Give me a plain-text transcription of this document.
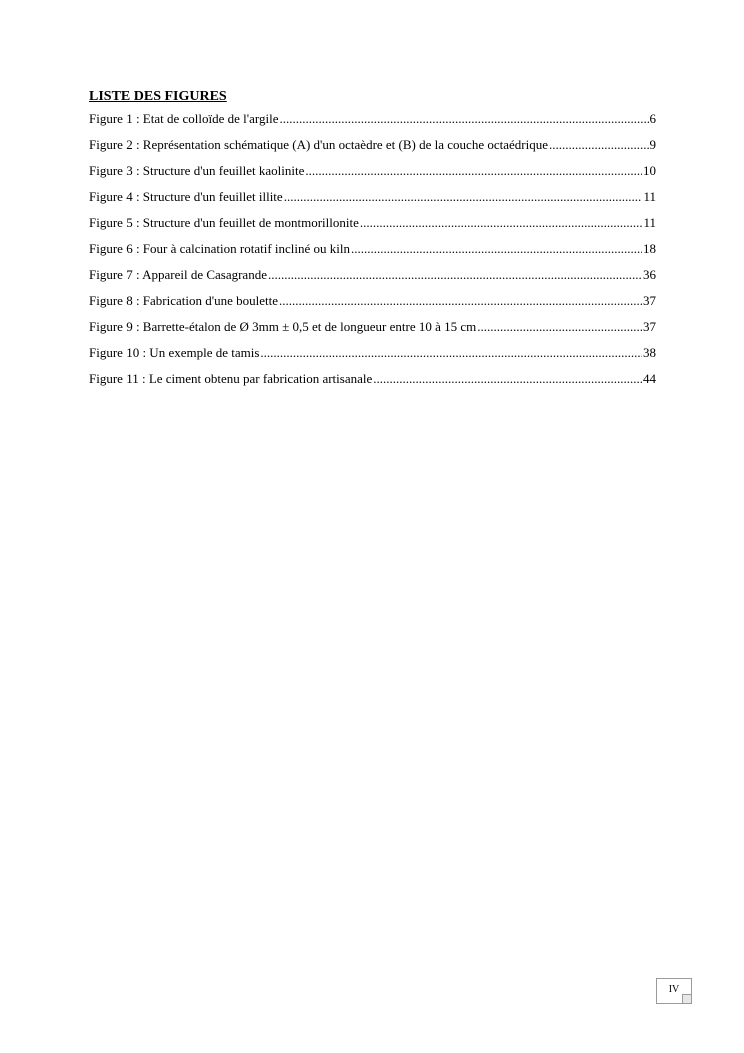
LISTE DES FIGURES
Figure 1 : Etat de colloïde de l'argile .....	6
Figure 2 : Représentation schématique (A) d'un octaèdre et (B) de la couche octaédrique .....	9
Figure 3 : Structure d'un feuillet kaolinite .....	10
Figure 4 : Structure d'un feuillet illite .....	11
Figure 5 : Structure d'un feuillet de montmorillonite .....	11
Figure 6 : Four à calcination rotatif incliné ou kiln .....	18
Figure 7 : Appareil de Casagrande .....	36
Figure 8 : Fabrication d'une boulette .....	37
Figure 9 : Barrette-étalon de Ø 3mm ± 0,5 et de longueur entre 10 à 15 cm .....	37
Figure 10 : Un exemple de tamis .....	38
Figure 11 : Le ciment obtenu par fabrication artisanale .....	44
IV
